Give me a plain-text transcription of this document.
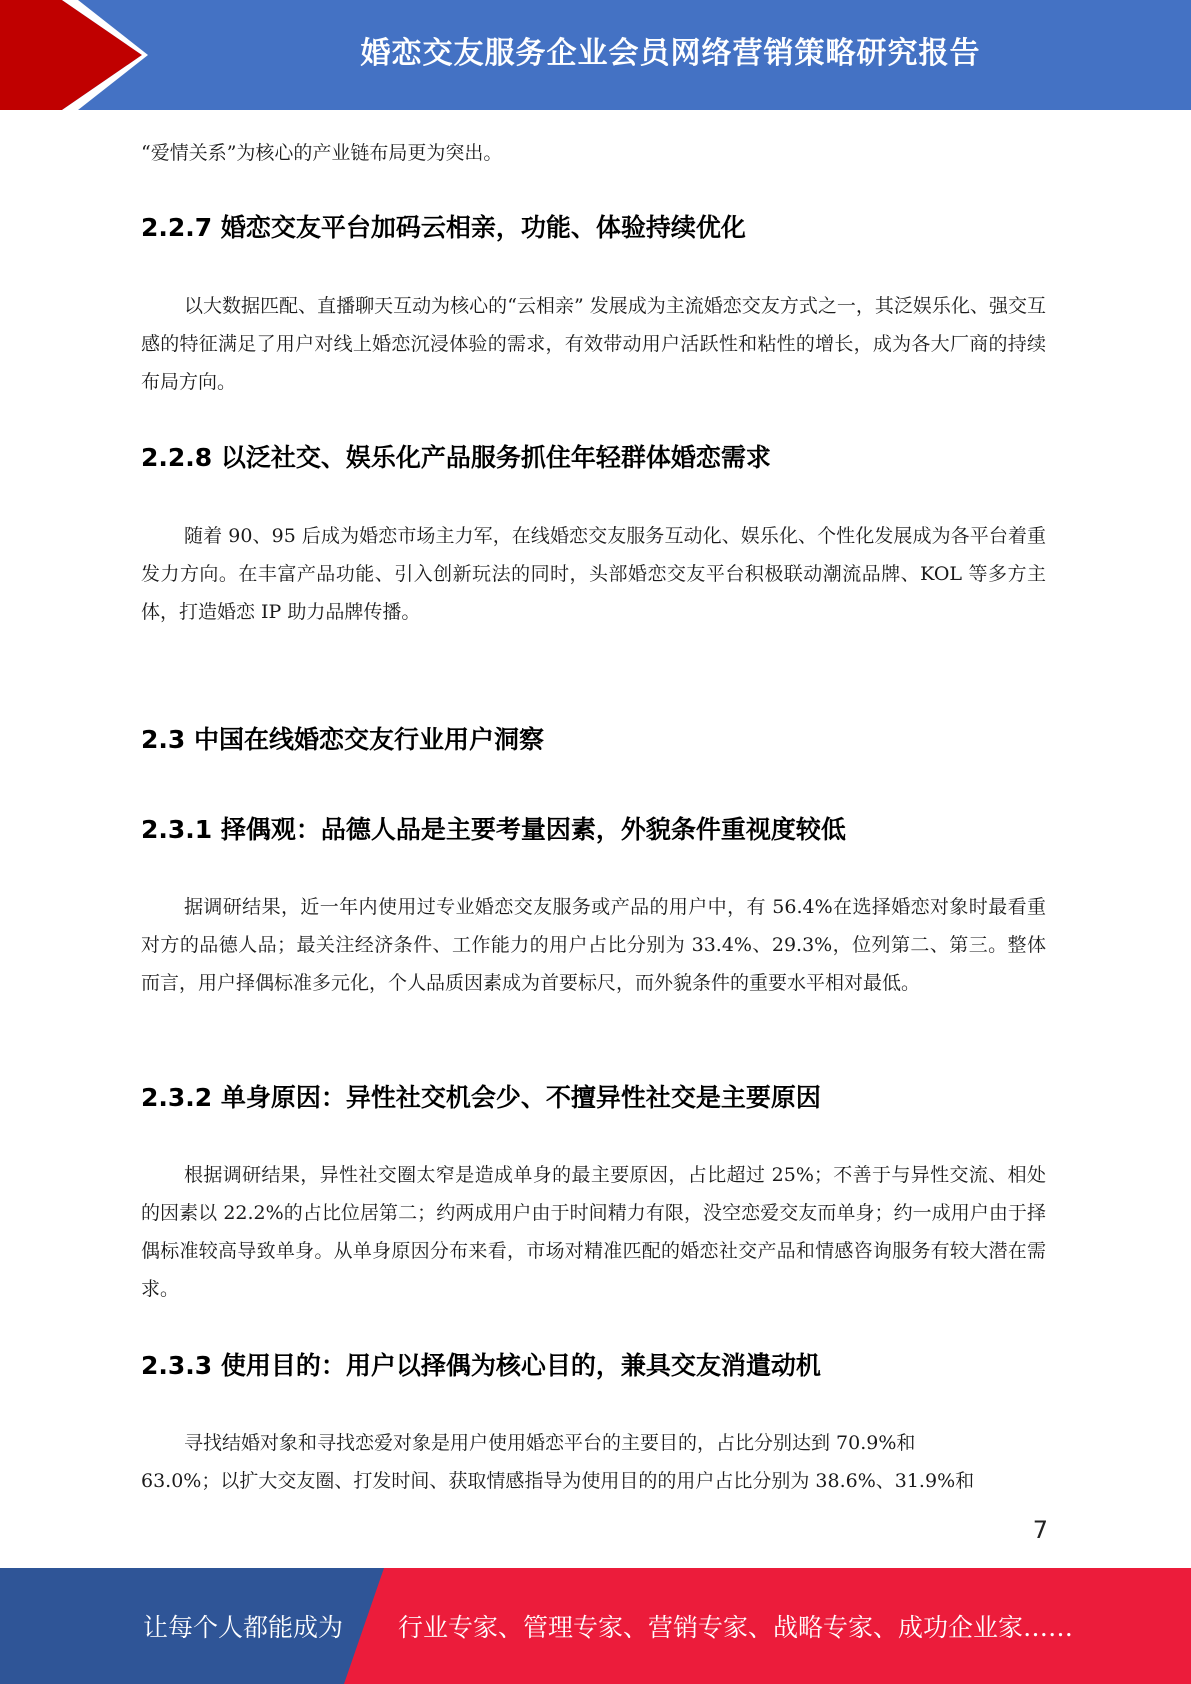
婚恋交友服务企业会员网络营销策略研究报告

“爱情关系”为核心的产业链布局更为突出。

2.2.7 婚恋交友平台加码云相亲，功能、体验持续优化

以大数据匹配、直播聊天互动为核心的“云相亲” 发展成为主流婚恋交友方式之一，其泛娱乐化、强交互感的特征满足了用户对线上婚恋沉浸体验的需求，有效带动用户活跃性和粘性的增长，成为各大厂商的持续布局方向。

2.2.8 以泛社交、娱乐化产品服务抓住年轻群体婚恋需求

随着 90、95 后成为婚恋市场主力军，在线婚恋交友服务互动化、娱乐化、个性化发展成为各平台着重发力方向。在丰富产品功能、引入创新玩法的同时，头部婚恋交友平台积极联动潮流品牌、KOL 等多方主体，打造婚恋 IP 助力品牌传播。

2.3 中国在线婚恋交友行业用户洞察
2.3.1 择偶观：品德人品是主要考量因素，外貌条件重视度较低

据调研结果，近一年内使用过专业婚恋交友服务或产品的用户中，有 56.4%在选择婚恋对象时最看重对方的品德人品；最关注经济条件、工作能力的用户占比分别为 33.4%、29.3%，位列第二、第三。整体而言，用户择偶标准多元化，个人品质因素成为首要标尺，而外貌条件的重要水平相对最低。

2.3.2 单身原因：异性社交机会少、不擅异性社交是主要原因

根据调研结果，异性社交圈太窄是造成单身的最主要原因，占比超过 25%；不善于与异性交流、相处的因素以 22.2%的占比位居第二；约两成用户由于时间精力有限，没空恋爱交友而单身；约一成用户由于择偶标准较高导致单身。从单身原因分布来看，市场对精准匹配的婚恋社交产品和情感咨询服务有较大潜在需求。

2.3.3 使用目的：用户以择偶为核心目的，兼具交友消遣动机

寻找结婚对象和寻找恋爱对象是用户使用婚恋平台的主要目的，占比分别达到 70.9%和

63.0%；以扩大交友圈、打发时间、获取情感指导为使用目的的用户占比分别为 38.6%、31.9%和

7
让每个人都能成为 行业专家、管理专家、营销专家、战略专家、成功企业家……
